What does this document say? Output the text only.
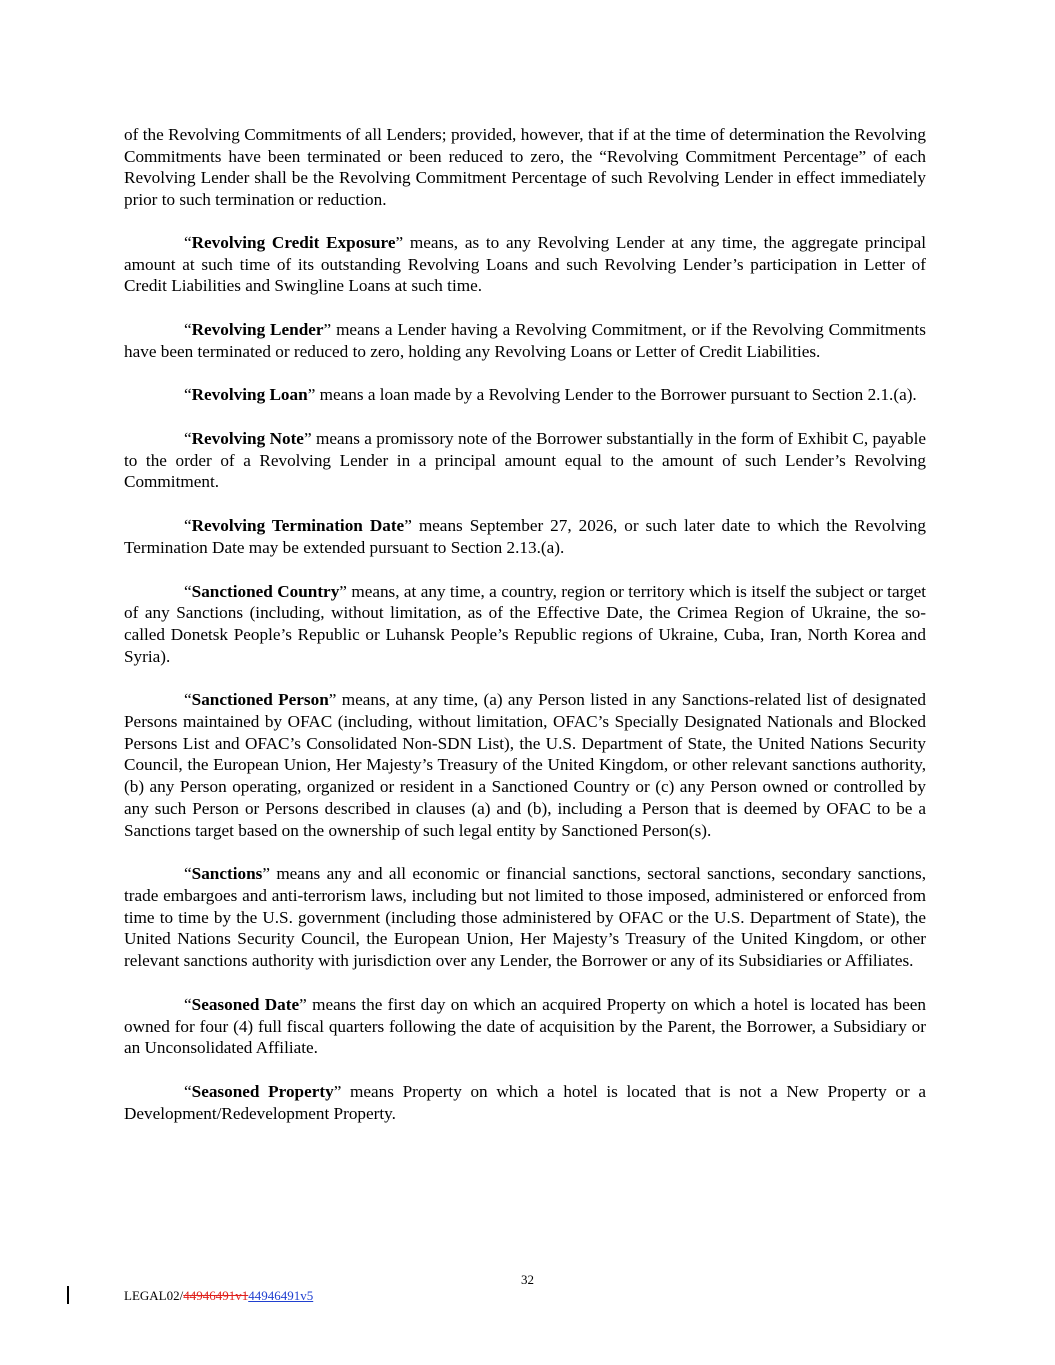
of the Revolving Commitments of all Lenders; provided, however, that if at the time of determination the Revolving Commitments have been terminated or been reduced to zero, the “Revolving Commitment Percentage” of each Revolving Lender shall be the Revolving Commitment Percentage of such Revolving Lender in effect immediately prior to such termination or reduction.

“Revolving Credit Exposure” means, as to any Revolving Lender at any time, the aggregate principal amount at such time of its outstanding Revolving Loans and such Revolving Lender’s participation in Letter of Credit Liabilities and Swingline Loans at such time.

“Revolving Lender” means a Lender having a Revolving Commitment, or if the Revolving Commitments have been terminated or reduced to zero, holding any Revolving Loans or Letter of Credit Liabilities.

“Revolving Loan” means a loan made by a Revolving Lender to the Borrower pursuant to Section 2.1.(a).

“Revolving Note” means a promissory note of the Borrower substantially in the form of Exhibit C, payable to the order of a Revolving Lender in a principal amount equal to the amount of such Lender’s Revolving Commitment.

“Revolving Termination Date” means September 27, 2026, or such later date to which the Revolving Termination Date may be extended pursuant to Section 2.13.(a).

“Sanctioned Country” means, at any time, a country, region or territory which is itself the subject or target of any Sanctions (including, without limitation, as of the Effective Date, the Crimea Region of Ukraine, the so-called Donetsk People’s Republic or Luhansk People’s Republic regions of Ukraine, Cuba, Iran, North Korea and Syria).

“Sanctioned Person” means, at any time, (a) any Person listed in any Sanctions-related list of designated Persons maintained by OFAC (including, without limitation, OFAC’s Specially Designated Nationals and Blocked Persons List and OFAC’s Consolidated Non-SDN List), the U.S. Department of State, the United Nations Security Council, the European Union, Her Majesty’s Treasury of the United Kingdom, or other relevant sanctions authority, (b) any Person operating, organized or resident in a Sanctioned Country or (c) any Person owned or controlled by any such Person or Persons described in clauses (a) and (b), including a Person that is deemed by OFAC to be a Sanctions target based on the ownership of such legal entity by Sanctioned Person(s).

“Sanctions” means any and all economic or financial sanctions, sectoral sanctions, secondary sanctions, trade embargoes and anti-terrorism laws, including but not limited to those imposed, administered or enforced from time to time by the U.S. government (including those administered by OFAC or the U.S. Department of State), the United Nations Security Council, the European Union, Her Majesty’s Treasury of the United Kingdom, or other relevant sanctions authority with jurisdiction over any Lender, the Borrower or any of its Subsidiaries or Affiliates.

“Seasoned Date” means the first day on which an acquired Property on which a hotel is located has been owned for four (4) full fiscal quarters following the date of acquisition by the Parent, the Borrower, a Subsidiary or an Unconsolidated Affiliate.

“Seasoned Property” means Property on which a hotel is located that is not a New Property or a Development/Redevelopment Property.

32
LEGAL02/44946491v144946491v5
